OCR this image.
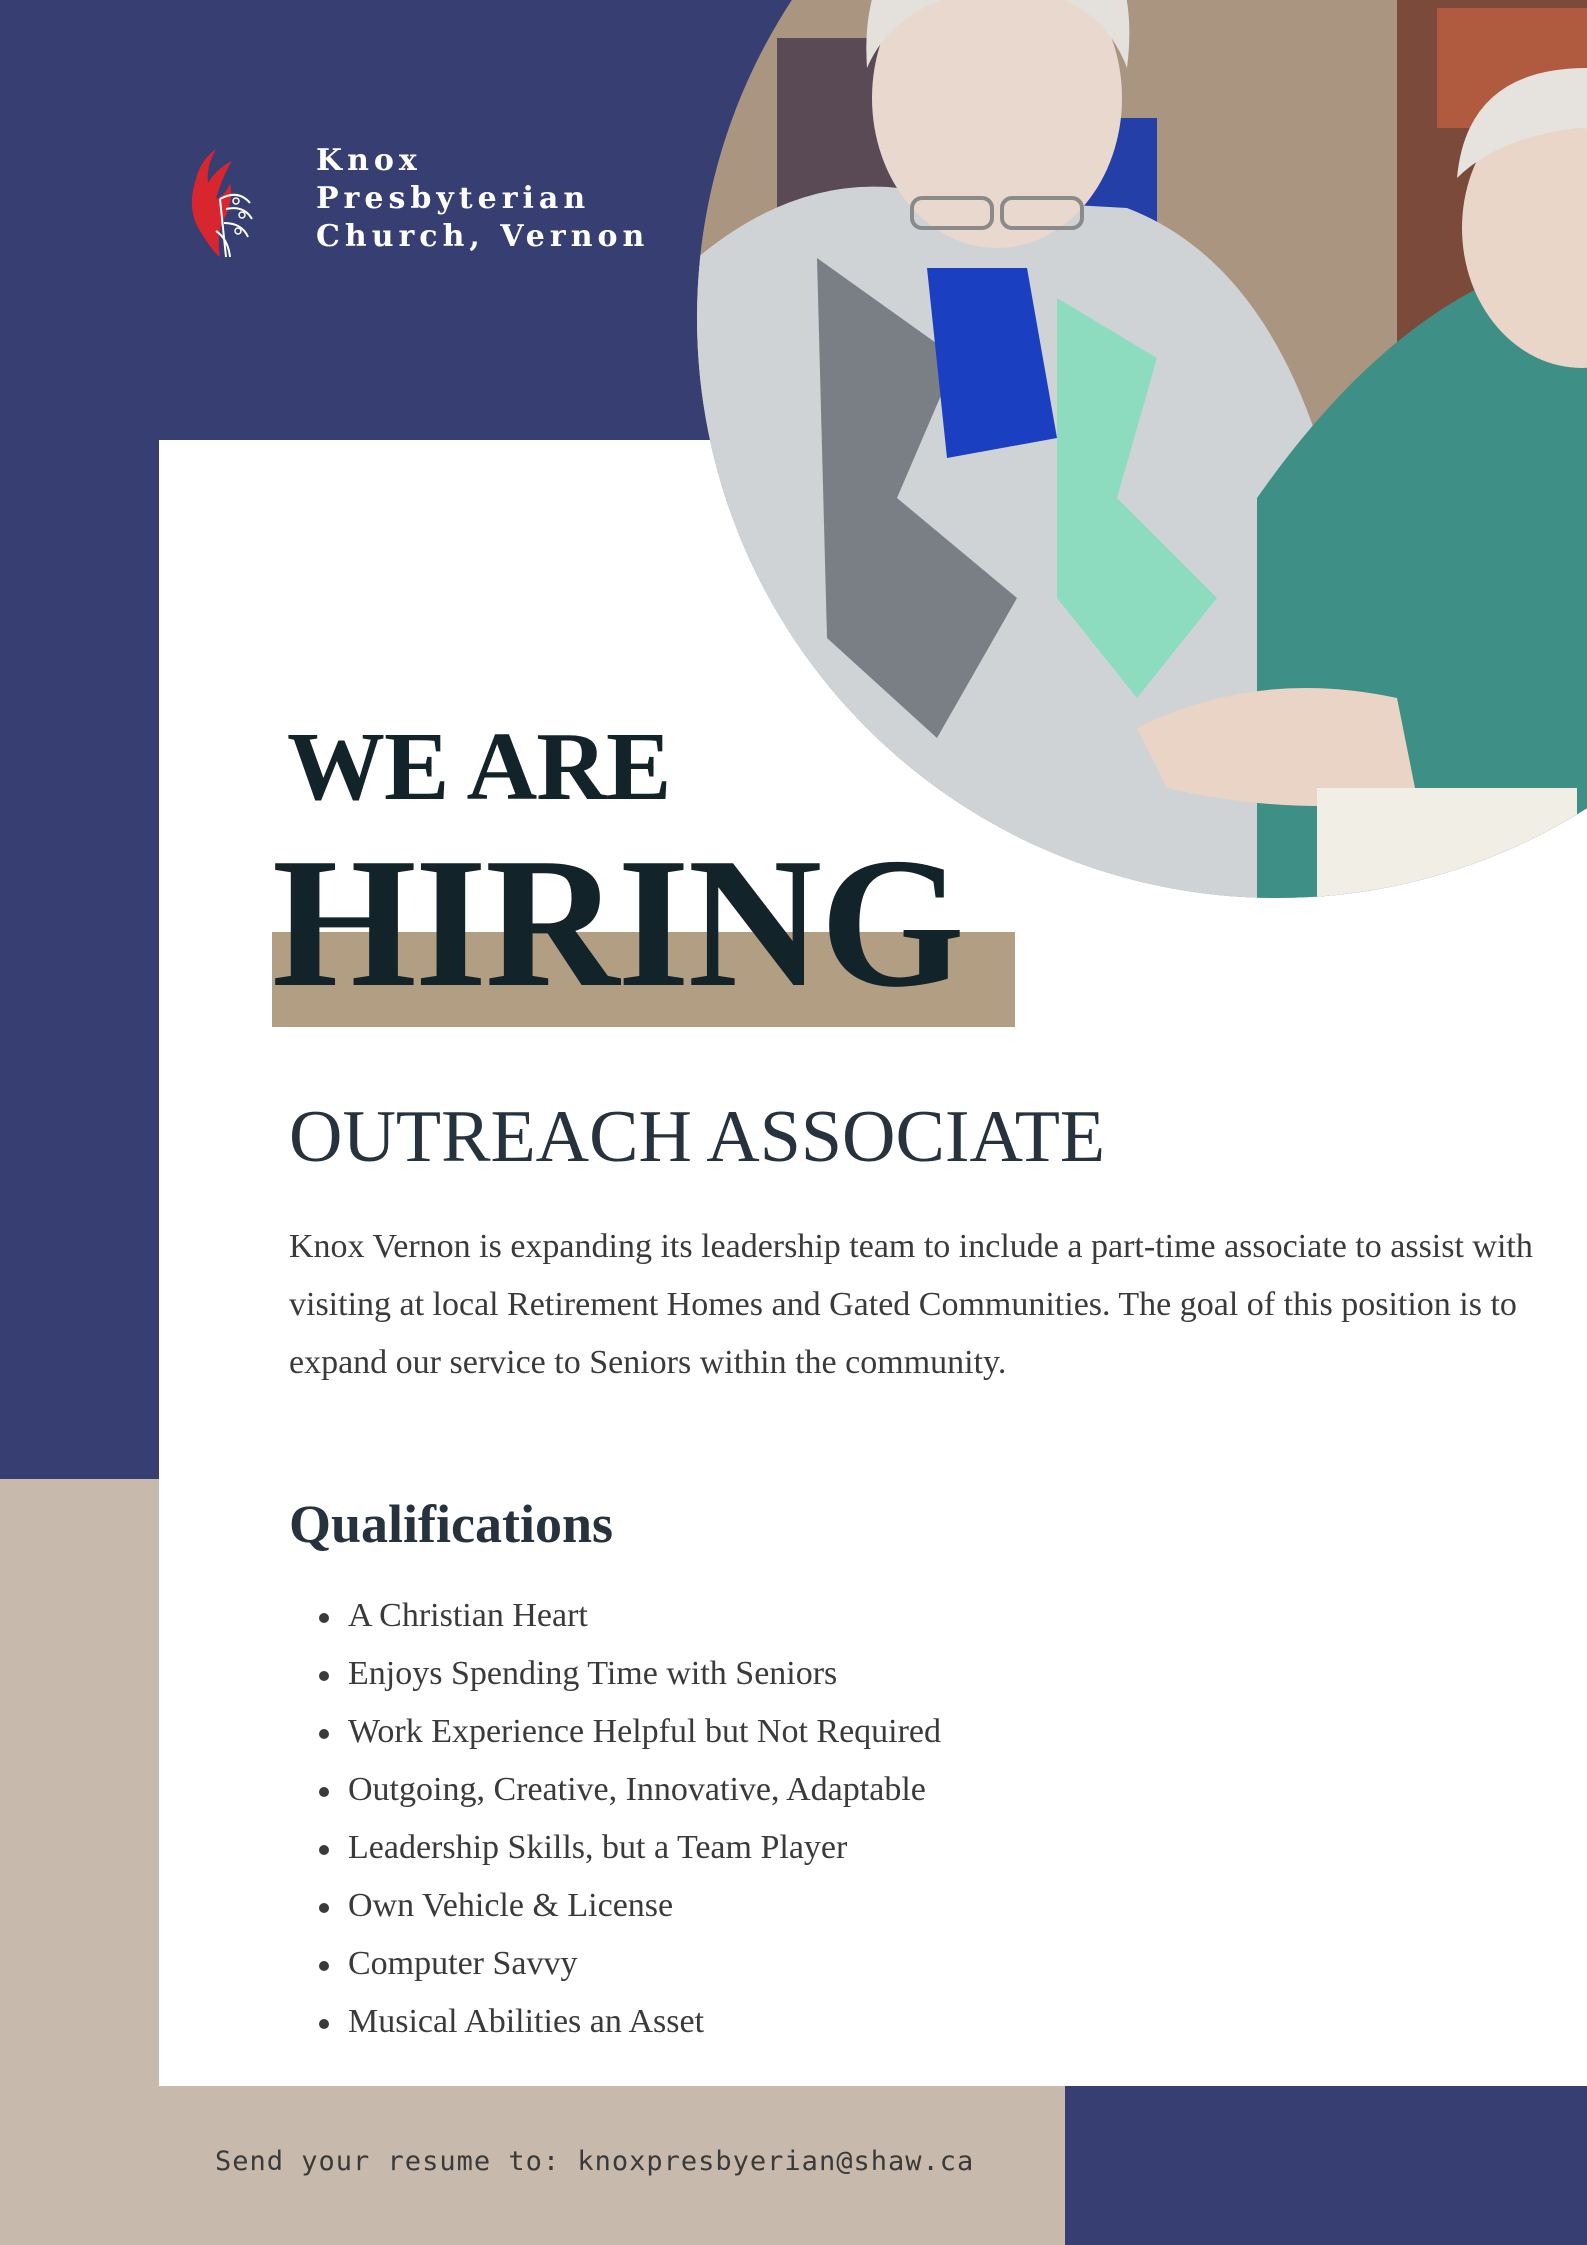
Knox
Presbyterian
Church, Vernon
WE ARE
HIRING
OUTREACH ASSOCIATE
Knox Vernon is expanding its leadership team to include a part-time associate to assist with visiting at local Retirement Homes and Gated Communities. The goal of this position is to expand our service to Seniors within the community.
Qualifications
A Christian Heart
Enjoys Spending Time with Seniors
Work Experience Helpful but Not Required
Outgoing, Creative, Innovative, Adaptable
Leadership Skills, but a Team Player
Own Vehicle & License
Computer Savvy
Musical Abilities an Asset
Send your resume to: knoxpresbyerian@shaw.ca
